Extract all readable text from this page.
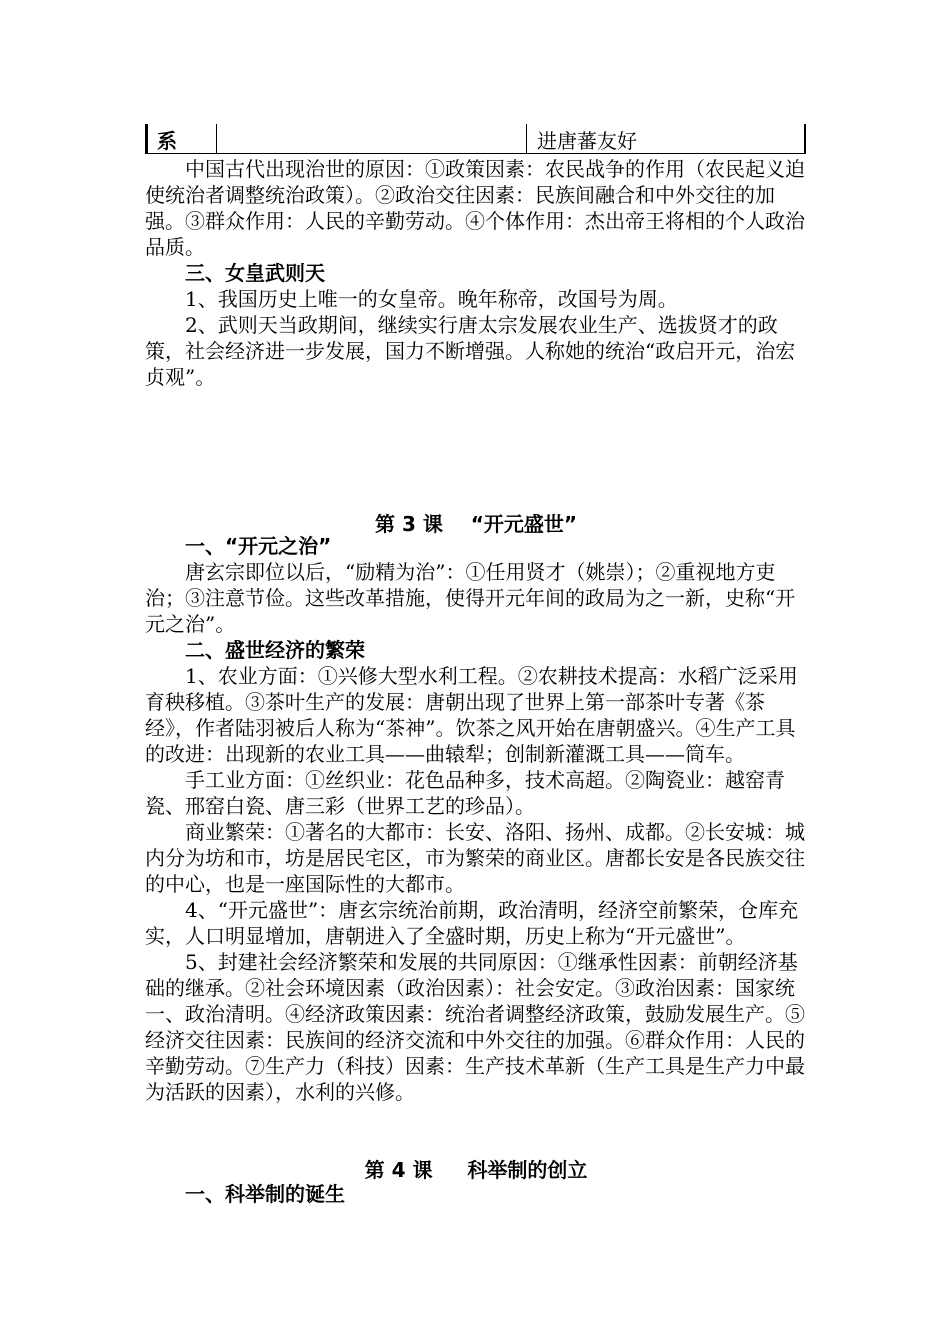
系	进唐蕃友好

中国古代出现治世的原因：①政策因素：农民战争的作用（农民起义迫使统治者调整统治政策）。②政治交往因素：民族间融合和中外交往的加强。③群众作用：人民的辛勤劳动。④个体作用：杰出帝王将相的个人政治品质。

三、女皇武则天

1、我国历史上唯一的女皇帝。晚年称帝，改国号为周。

2、武则天当政期间，继续实行唐太宗发展农业生产、选拔贤才的政策，社会经济进一步发展，国力不断增强。人称她的统治“政启开元，治宏贞观”。

第 3 课    “开元盛世”

一、“开元之治”

唐玄宗即位以后，“励精为治”：①任用贤才（姚崇）；②重视地方吏治；③注意节俭。这些改革措施，使得开元年间的政局为之一新，史称“开元之治”。

二、盛世经济的繁荣

1、农业方面：①兴修大型水利工程。②农耕技术提高：水稻广泛采用育秧移植。③茶叶生产的发展：唐朝出现了世界上第一部茶叶专著《茶经》，作者陆羽被后人称为“茶神”。饮茶之风开始在唐朝盛兴。④生产工具的改进：出现新的农业工具——曲辕犁；创制新灌溉工具——筒车。

手工业方面：①丝织业：花色品种多，技术高超。②陶瓷业：越窑青瓷、邢窑白瓷、唐三彩（世界工艺的珍品）。

商业繁荣：①著名的大都市：长安、洛阳、扬州、成都。②长安城：城内分为坊和市，坊是居民宅区，市为繁荣的商业区。唐都长安是各民族交往的中心，也是一座国际性的大都市。

4、“开元盛世”：唐玄宗统治前期，政治清明，经济空前繁荣，仓库充实，人口明显增加，唐朝进入了全盛时期，历史上称为“开元盛世”。

5、封建社会经济繁荣和发展的共同原因：①继承性因素：前朝经济基础的继承。②社会环境因素（政治因素）：社会安定。③政治因素：国家统一、政治清明。④经济政策因素：统治者调整经济政策，鼓励发展生产。⑤经济交往因素：民族间的经济交流和中外交往的加强。⑥群众作用：人民的辛勤劳动。⑦生产力（科技）因素：生产技术革新（生产工具是生产力中最为活跃的因素），水利的兴修。

第 4 课     科举制的创立

一、科举制的诞生
